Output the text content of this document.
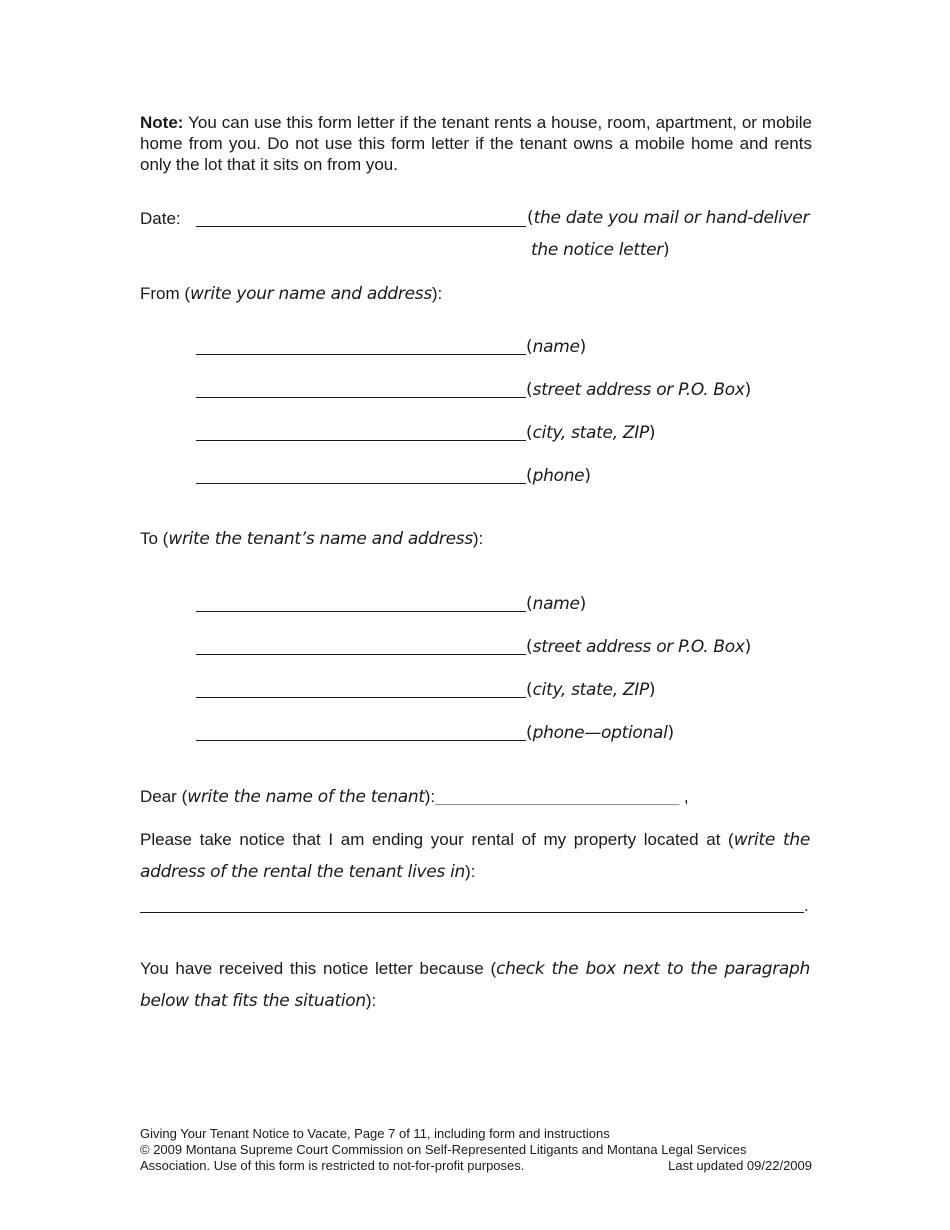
Note: You can use this form letter if the tenant rents a house, room, apartment, or mobile home from you. Do not use this form letter if the tenant owns a mobile home and rents only the lot that it sits on from you.
Date:	(the date you mail or hand-deliver
the notice letter)
From (write your name and address):
(name)
(street address or P.O. Box)
(city, state, ZIP)
(phone)
To (write the tenant’s name and address):
(name)
(street address or P.O. Box)
(city, state, ZIP)
(phone—optional)
Dear (write the name of the tenant):________________________________ ,
Please take notice that I am ending your rental of my property located at (write the address of the rental the tenant lives in):
.
You have received this notice letter because (check the box next to the paragraph below that fits the situation):
Giving Your Tenant Notice to Vacate, Page 7 of 11, including form and instructions
© 2009 Montana Supreme Court Commission on Self-Represented Litigants and Montana Legal Services
Association. Use of this form is restricted to not-for-profit purposes.	Last updated 09/22/2009
